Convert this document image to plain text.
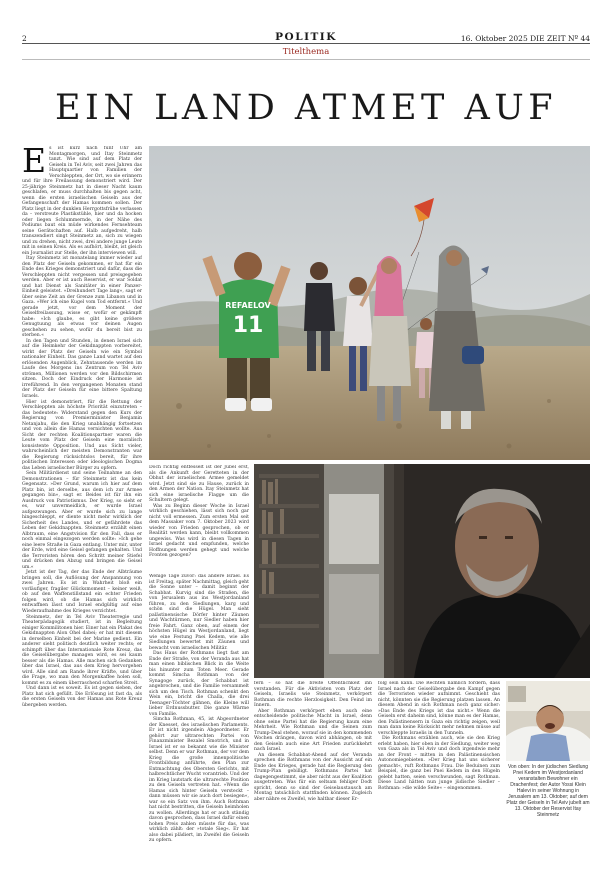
2	POLITIK	16. Oktober 2025 DIE ZEIT Nº 44
Titelthema
EIN LAND ATMET AUF
REFAELOV
11
E s ist kurz nach fünf Uhr am Montagmorgen, und Itay Steinmetz tanzt. Wie sind auf dem Platz der Geiseln in Tel Aviv, seit zwei Jahren das Hauptquartier von Familien der Verschleppten, der Ort, wo sie erinnern und für ihre Freilassung demonstriert wird. Der 25-jährige Steinmetz hat in dieser Nacht kaum geschlafen, er muss durchhalten bis gegen acht, wenn die ersten israelischen Geiseln aus der Gefangenschaft der Hamas kommen sollen. Der Platz liegt in der dunklen Herrgottsfrühe verlassen da – verstreute Plastikstühle, hier und da hocken oder liegen Schlummernde, in der Nähe des Podiums baut ein müde wirkendes Fernsehteam seine Gerätschaften auf. Halb aufgedreht, halb transzendiert singt Steinmetz an, sich zu wiegen und zu drehen, nicht zwei, drei andere junge Leute mit in seinen Kreis. Als es aufhört, bleibt, ist gleich ein Journalist zur Stelle, der ihn interviewen will.

Itay Steinmetz ist monatelang immer wieder auf den Platz der Geiseln gekommen, er hat für ein Ende des Krieges demonstriert und dafür, dass die Verschleppten nicht vergessen und preisgegeben werden. Aber er ist auch Reservist, er war Soldat und hat Dienst als Sanitäter in einer Panzer-Einheit geleistet. »Dreihundert Tage lang«, sagt er über seine Zeit an der Grenze zum Libanon und in Gaza. »Wer ich eine Kugel vom Tod entfernt.« Und gerade jetzt, vor dem Moment der Geiselfreilassung, wisse er, wofür er gekämpft habe: »Ich glaube, es gibt keine größere Genugtuung als etwas vor deinen Augen geschehen zu sehen, wofür du bereit bist zu sterben.«

In den Tagen und Stunden, in denen Israel sich auf die Heimkehr der Gekidnappten vorbereitet, wirkt der Platz der Geiseln wie ein Symbol nationaler Einheit. Das ganze Land wartet auf den erlösenden Augenblick, Zehntausende werden im Laufe des Morgens ins Zentrum von Tel Aviv strömen, Millionen werden vor den Bildschirmen sitzen. Doch der Eindruck der Harmonie ist irreführend. In den vergangenen Monaten stand der Platz der Geiseln für eine bittere Spaltung Israels.

Hier ist demonstriert, für die Rettung der Verschleppten als höchste Priorität einzutreten – das bedeutete: Widerstand gegen den Kurs der Regierung von Premierminister Benjamin Netanjahu, die den Krieg unabhängig fortsetzen und von allein die Hamas vernichten wollte. Aus Sicht der rechten Koalitionspartner waren die Leute vom Platz der Geiseln eine moralisch konsistente Opposition. Und aus Sicht vieler, wahrscheinlich der meisten Demonstranten war die Regierung rücksichtslos bereit, für ihre politischen Interessen oder ideologischen Dogma das Leben israelischer Bürger zu opfern.

Sein Militärdienst und seine Teilnahme an den Demonstrationen – für Steinmetz ist das kein Gegensatz. »Der Grund, warum ich hier auf dem Platz bin, ist derselbe, aus dem ich zur Armee gegangen bin«, sagt er. Beides ist für ihn ein Ausdruck von Patriotismus. Der Krieg, so sieht er es, war unvermeidlich, er wurde Israel aufgezwungen. Aber er wurde sich zu lange hingeschleppt, er diente nicht mehr wirklich der Sicherheit des Landes, und er gefährdete das Leben der Gekidnappten. Steinmetz erzählt einen Albtraum, eine Angstvision für den Fall, dass er noch einmal eingezogen werden sollte: »Ich gehe eine leere Straße in Gaza entlang. Unter mir, unter der Erde, wird eine Geisel gefangen gehalten. Und die Terroristen hören den Schritt meiner Stiefel und drücken den Abzug und bringen die Geisel um.«

Jetzt ist der Tag, der das Ende der Albträume bringen soll, die Auflösung der Anspannung von zwei Jahren. Es ist in Wahrheit bloß ein vorläufiger, fragiler Glücksmoment – keiner weiß, ob auf den Waffenstillstand ein echter Frieden folgen wird, ob die Hamas sich wirklich entwaffnen lässt und Israel endgültig auf eine Wiederaufnahme des Krieges verzichtet.

Steinmetz, der in Tel Aviv Theaterregie und Theaterpädagogik studiert, ist in Begleitung einiger Kommilitonen hier. Einer hat ein Plakat des Gekidnappten Alon Ohel dabei; er hat mit diesem in derselben Einheit bei der Marine gedient. Ein anderer sieht politisch deutlich weiter rechts; er schimpft über das Internationale Rote Kreuz, das die Geiselübergabe managen wird, es sei kaum besser als die Hamas. Alle machen sich Gedanken über das Israel, das aus dem Krieg hervorgehen wird. Alle sind am Rande ihrer Kräfte, und über die Frage, wo man den Morgenkaffee holen soll, kommt es zu einem überraschend scharfen Streit.

Und dann ist es soweit. Es ist gegen sieben, der Platz hat sich gefüllt. Die Erlösung ist fast da, als die ersten Geiseln von der Hamas ans Rote Kreuz übergeben werden.

Doch richtig entfesselt ist der Jubel erst, als die Ankunft der Geretteten in der Obhut der israelischen Armee gemeldet wird. Jetzt sind sie zu Hause, zurück in den Armen der Nation. Itay Steinmetz hat sich eine israelische Flagge um die Schultern gelegt.

Was zu Beginn dieser Woche in Israel wirklich geschiehen, lässt sich noch gar nicht voll ermessen. Zum ersten Mal seit dem Massaker vom 7. Oktober 2023 wird wieder von Frieden gesprochen, ob er Realität werden kann, bleibt vollkommen ungewiss. Was wird in diesen Tagen in Israel gedacht und empfunden, welche Hoffnungen werden gehegt und welche Fronten gezogen?

Wenige Tage zuvor: das andere Israel. Es ist Freitag, später Nachmittag, gleich geht die Sonne unter – damit beginnt der Schabbat. Kurvig sind die Straßen, die von Jerusalem aus ins Westjordanland führen, zu den Siedlungen, karg und schön sind die Hügel. Man sieht palästinensische Dörfer hinter Zäunen und Wachtürmen, nur Siedler haben hier freie Fahrt. Ganz oben, auf einem der höchsten Hügel im Westjordanland, liegt wie eine Festung Pnei Kedem, wie alle Siedlungen bewertet mit Zäunen und bewacht vom israelischen Militär.

Das Haus der Rothmans liegt fast am Ende der Straße, von der Veranda aus hat man einen biblischen Blick in die Weite bis hinunter zum Toten Meer. Gerade kommt Simcha Rothman von der Synagoge zurück, der Schabbat ist angebrochen, und die Familie versammelt sich um den Tisch. Rothman schenkt den Wein ein, bricht die Challa, die drei Teenager-Töchter gähnen, die Kleine will lieber Erdnussbutter. Die ganze Wärme von Familie.

Simcha Rothman, 45, ist Abgeordneter der Knesset, des israelischen Parlaments. Er ist nicht irgendein Abgeordneter. Er gehört zur ultrarechten Partei von Finanzminister Bezalel Smotrich, und in Israel ist er so bekannt wie die Minister selbst. Denn er war Rothman, der vor dem Krieg die große innenpolitische Frontbildung anführte, den Plan zur Entmachtung des Obersten Gerichts, mit halbrechtlicher Wucht vorantrieb. Und der im Krieg lautstark die ultrarechte Position zu den Geiseln vertreten hat. »Wenn die Hamas sich hinter Geiseln versteckt – dann müssen wir sie auch dort besiegen«, war so ein Satz von ihm. Auch Rothman hat nicht bestritten, die Geiseln heimholen zu wollen. Allerdings hat er auch ständig davon gesprochen, dass Israel dafür einen hohen Preis zahlen müsste für das, was wirklich zählt: der »totale Sieg«. Er hat also dabei plädiert, im Zweifel die Geiseln zu opfern.

fern – so hat die breite Öffentlichkeit ihn verstanden. Für die Aktivisten vom Platz der Geiseln, Israelis wie Steinmetz, verkörpert Rothman die rechte Herzlosigkeit. Den Feind im Innern.

Aber Rothman verkörpert eben auch eine entscheidende politische Macht in Israel, denn ohne seine Partei hat die Regierung kaum eine Mehrheit. Wie Rothman und die Seinen zum Trump-Deal stehen, worauf sie in den kommenden Wochen drängen, davon wird abhängen, ob mit den Geiseln auch eine Art Frieden zurückkehrt nach Israel.

An diesem Schabbat-Abend auf der Veranda sprechen die Rothmans von der Aussicht auf ein Ende des Krieges, gerade hat die Regierung den Trump-Plan gebilligt. Rothmans Partei hat dagegengestimmt, sie aber nicht aus der Koalition ausgetreten. Was für ein seltsam fehliger Dodt spricht, denn so sind der Geiselaustausch am Montag tatsächlich stattfinden können. Zugleich aber nähre es Zweifel, wie haltbar dieser Er-

folg sein kann. Die Rechten nämlich fordern, dass Israel nach der Geiselübergabe den Kampf gegen die Terroristen wieder aufnimmt. Geschieht das nicht, könnten sie die Regierung platzen lassen. An diesem Abend in sich Rothman noch ganz sicher: »Das Ende des Kriegs ist das nicht.« Wenn die Geiseln erst daheim sind, könne man es der Hamas, den Palästinensern in Gaza ein richtig zeigen, weil man dann keine Rücksicht mehr nehmen müsse auf verschleppte Israelis in den Tunneln.

Die Rothmans erzählen auch, wie sie den Krieg erlebt haben, hier oben in der Siedlung, weiter weg von Gaza als in Tel Aviv und doch irgendwie mehr an der Front – mitten in den Palästinensischen Autonomiegebieten. »Der Krieg hat uns sicherer gemacht«, ruft Rothmans Frau. Die Beduinen zum Beispiel, die ganz bei Pnei Kedem in den Hügeln gelebt hatten, seien verschwunden, sagt Rothman. Diese Land hätten nun junge jüdische Siedler – Rothman: »die wilde Seite« – eingenommen.

Von oben: In der jüdischen Siedlung Pnei Kedem im Westjordanland veranstalten Bewohner ein Drachenfest; der Autor Yossi Klein Halevi in seiner Wohnung in Jerusalem am 13. Oktober; auf dem Platz der Geiseln in Tel Aviv jubelt am 13. Oktober der Reservist Itay Steinmetz
